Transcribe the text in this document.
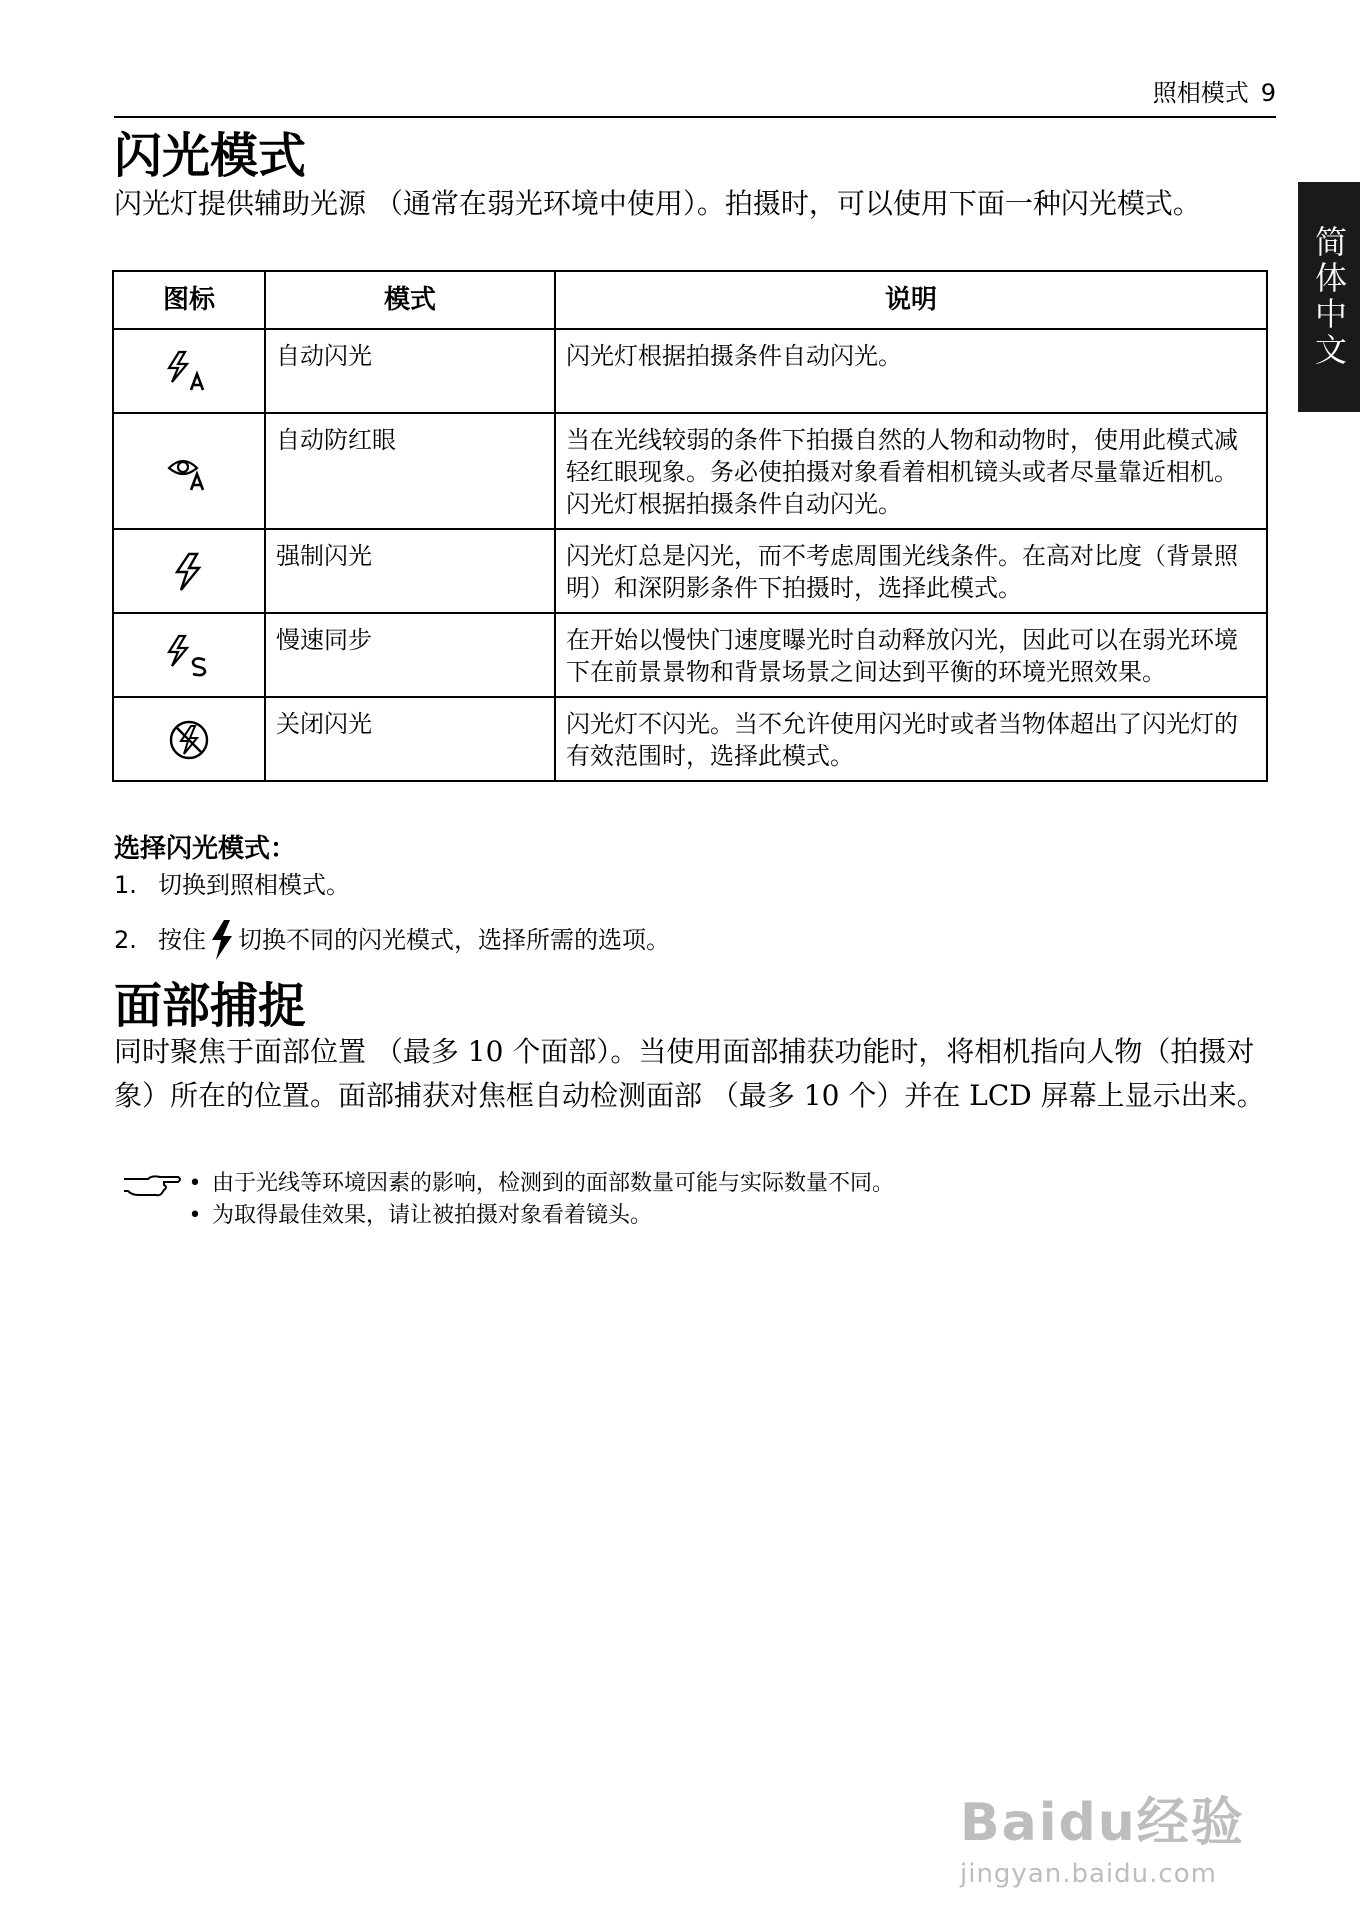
照相模式 9
简体中文
闪光模式

闪光灯提供辅助光源 （通常在弱光环境中使用）。拍摄时，可以使用下面一种闪光模式。

图标	模式	说明
	自动闪光	闪光灯根据拍摄条件自动闪光。
	自动防红眼	当在光线较弱的条件下拍摄自然的人物和动物时，使用此模式减轻红眼现象。务必使拍摄对象看着相机镜头或者尽量靠近相机。闪光灯根据拍摄条件自动闪光。
	强制闪光	闪光灯总是闪光，而不考虑周围光线条件。在高对比度（背景照明）和深阴影条件下拍摄时，选择此模式。
	慢速同步	在开始以慢快门速度曝光时自动释放闪光，因此可以在弱光环境下在前景景物和背景场景之间达到平衡的环境光照效果。
	关闭闪光	闪光灯不闪光。当不允许使用闪光时或者当物体超出了闪光灯的有效范围时，选择此模式。
选择闪光模式：
1. 切换到照相模式。
2. 按住 切换不同的闪光模式，选择所需的选项。
面部捕捉

同时聚焦于面部位置 （最多 10 个面部）。当使用面部捕获功能时，将相机指向人物（拍摄对象）所在的位置。面部捕获对焦框自动检测面部 （最多 10 个）并在 LCD 屏幕上显示出来。

• 由于光线等环境因素的影响，检测到的面部数量可能与实际数量不同。
• 为取得最佳效果，请让被拍摄对象看着镜头。
Baidu经验
jingyan.baidu.com
